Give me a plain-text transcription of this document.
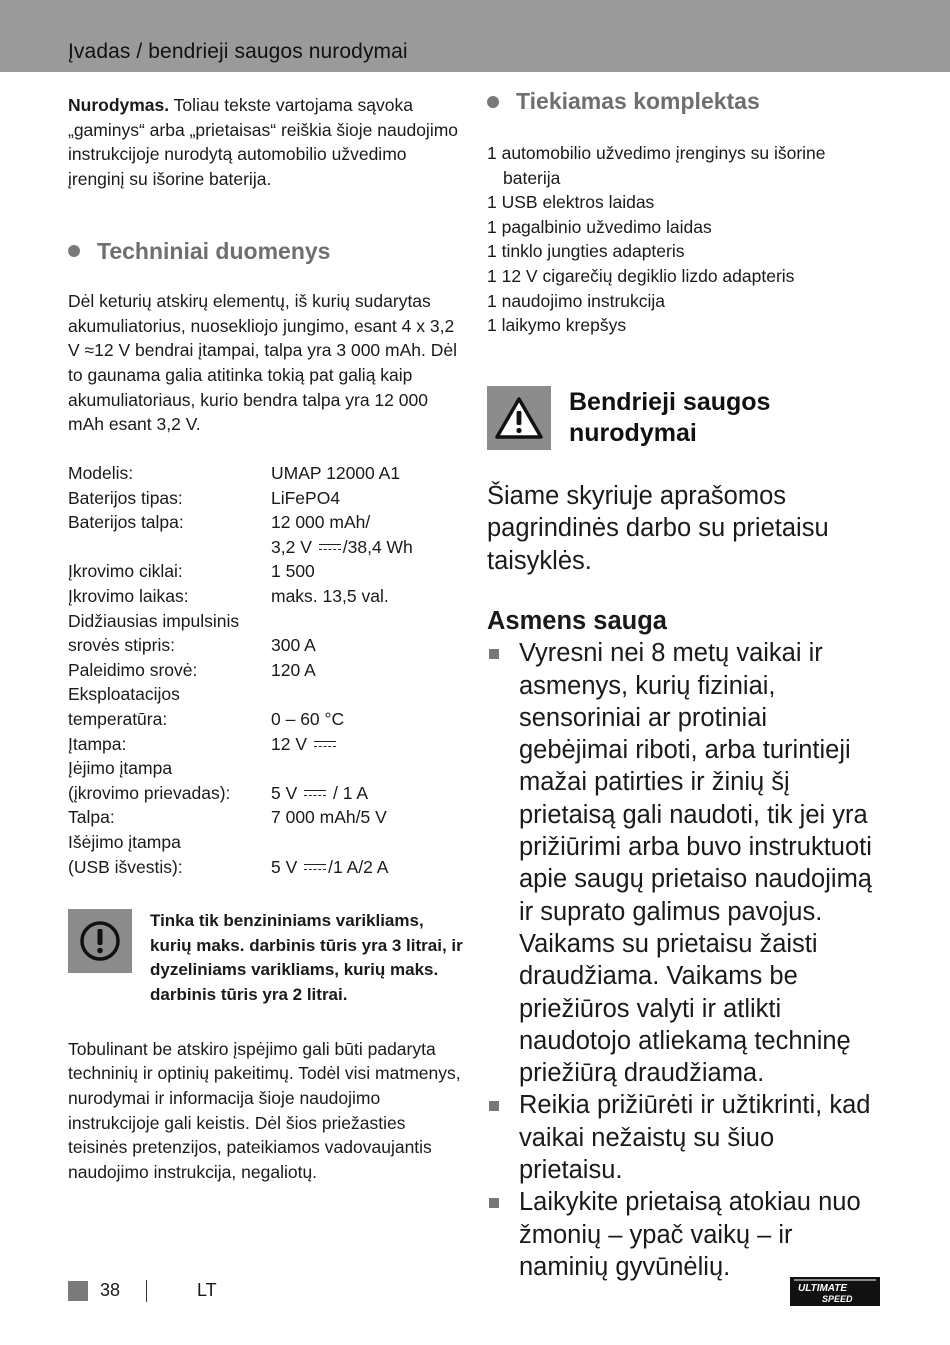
Įvadas / bendrieji saugos nurodymai

Nurodymas. Toliau tekste vartojama sąvoka „gaminys“ arba „prietaisas“ reiškia šioje naudojimo instrukcijoje nurodytą automobilio užvedimo įrenginį su išorine baterija.

Techniniai duomenys

Dėl keturių atskirų elementų, iš kurių sudarytas akumuliatorius, nuosekliojo jungimo, esant 4 x 3,2 V ≈12 V bendrai įtampai, talpa yra 3 000 mAh. Dėl to gaunama galia atitinka tokią pat galią kaip akumuliatoriaus, kurio bendra talpa yra 12 000 mAh esant 3,2 V.

Modelis:	UMAP 12000 A1
Baterijos tipas:	LiFePO4
Baterijos talpa:	12 000 mAh/
3,2 V /38,4 Wh
Įkrovimo ciklai:	1 500
Įkrovimo laikas:	maks. 13,5 val.
Didžiausias impulsinis
srovės stipris:	300 A
Paleidimo srovė:	120 A
Eksploatacijos
temperatūra:	0 – 60 °C
Įtampa:	12 V
Įėjimo įtampa
(įkrovimo prievadas):	5 V  / 1 A
Talpa:	7 000 mAh/5 V
Išėjimo įtampa
(USB išvestis):	5 V /1 A/2 A

Tinka tik benzininiams varikliams, kurių maks. darbinis tūris yra 3 litrai, ir dyzeliniams varikliams, kurių maks. darbinis tūris yra 2 litrai.

Tobulinant be atskiro įspėjimo gali būti padaryta techninių ir optinių pakeitimų. Todėl visi matmenys, nurodymai ir informacija šioje naudojimo instrukcijoje gali keistis. Dėl šios priežasties teisinės pretenzijos, pateikiamos vadovaujantis naudojimo instrukcija, negaliotų.

Tiekiamas komplektas
1 automobilio užvedimo įrenginys su išorine baterija
1 USB elektros laidas
1 pagalbinio užvedimo laidas
1 tinklo jungties adapteris
1 12 V cigarečių degiklio lizdo adapteris
1 naudojimo instrukcija
1 laikymo krepšys
Bendrieji saugos
nurodymai

Šiame skyriuje aprašomos pagrindinės darbo su prietaisu taisyklės.

Asmens sauga
Vyresni nei 8 metų vaikai ir asmenys, kurių fiziniai, sensoriniai ar protiniai gebėjimai riboti, arba turintieji mažai patirties ir žinių šį prietaisą gali naudoti, tik jei yra prižiūrimi arba buvo instruktuoti apie saugų prietaiso naudojimą ir suprato galimus pavojus. Vaikams su prietaisu žaisti draudžiama. Vaikams be priežiūros valyti ir atlikti naudotojo atliekamą techninę priežiūrą draudžiama.
Reikia prižiūrėti ir užtikrinti, kad vaikai nežaistų su šiuo prietaisu.
Laikykite prietaisą atokiau nuo žmonių – ypač vaikų – ir naminių gyvūnėlių.
38	LT	ULTIMATE
SPEED
